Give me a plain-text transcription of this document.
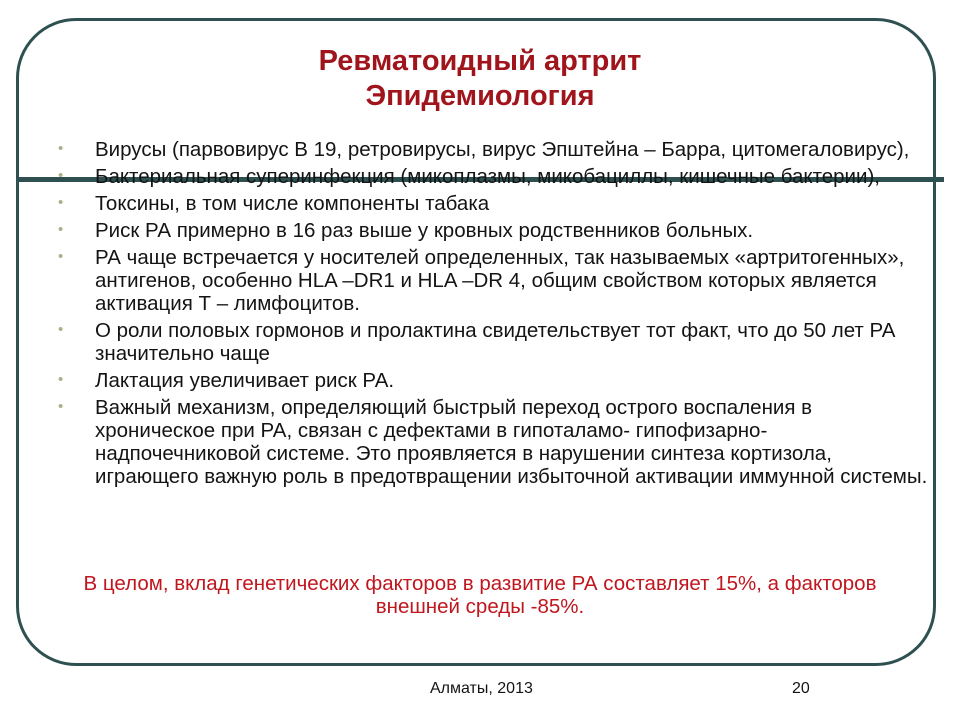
Ревматоидный артрит
Эпидемиология
• Вирусы (парвовирус В 19, ретровирусы, вирус Эпштейна – Барра, цитомегаловирус),
• Бактериальная суперинфекция (микоплазмы, микобациллы, кишечные бактерии),
• Токсины, в том числе компоненты табака
• Риск РА примерно в 16 раз выше у кровных родственников больных.
• РА чаще встречается у носителей определенных, так называемых «артритогенных», антигенов, особенно HLA –DR1 и HLA –DR 4, общим свойством которых является активация Т – лимфоцитов.
• О роли половых гормонов и пролактина свидетельствует тот факт, что до 50 лет РА значительно чаще
• Лактация увеличивает риск РА.
• Важный механизм, определяющий быстрый переход острого воспаления в хроническое при РА, связан с дефектами в гипоталамо- гипофизарно-надпочечниковой системе. Это проявляется в нарушении синтеза кортизола, играющего важную роль в предотвращении избыточной активации иммунной системы.
В целом, вклад генетических факторов в развитие РА составляет 15%, а факторов внешней среды -85%.
Алматы, 2013	20
